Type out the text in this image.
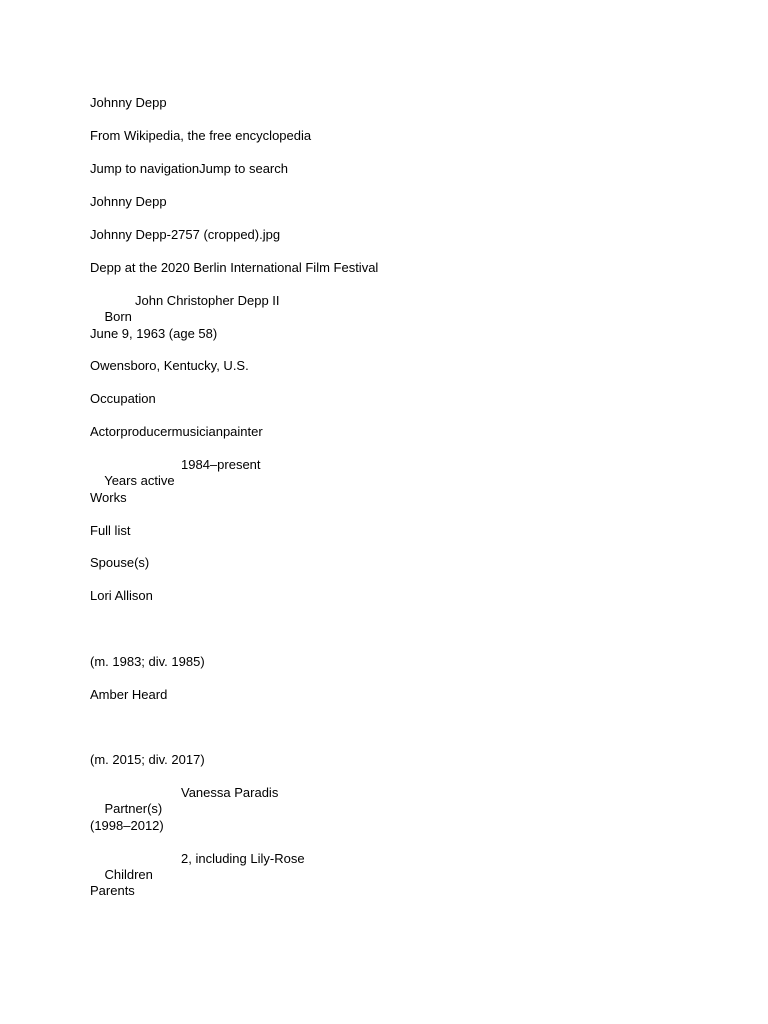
Johnny Depp
From Wikipedia, the free encyclopedia
Jump to navigationJump to search
Johnny Depp
Johnny Depp-2757 (cropped).jpg
Depp at the 2020 Berlin International Film Festival

Born

John Christopher Depp II

June 9, 1963 (age 58)
Owensboro, Kentucky, U.S.
Occupation
Actorproducermusicianpainter

Years active

1984–present

Works
Full list
Spouse(s)
Lori Allison
(m. 1983; div. 1985)
Amber Heard
(m. 2015; div. 2017)

Partner(s)

Vanessa Paradis

(1998–2012)

Children

2, including Lily-Rose

Parents
